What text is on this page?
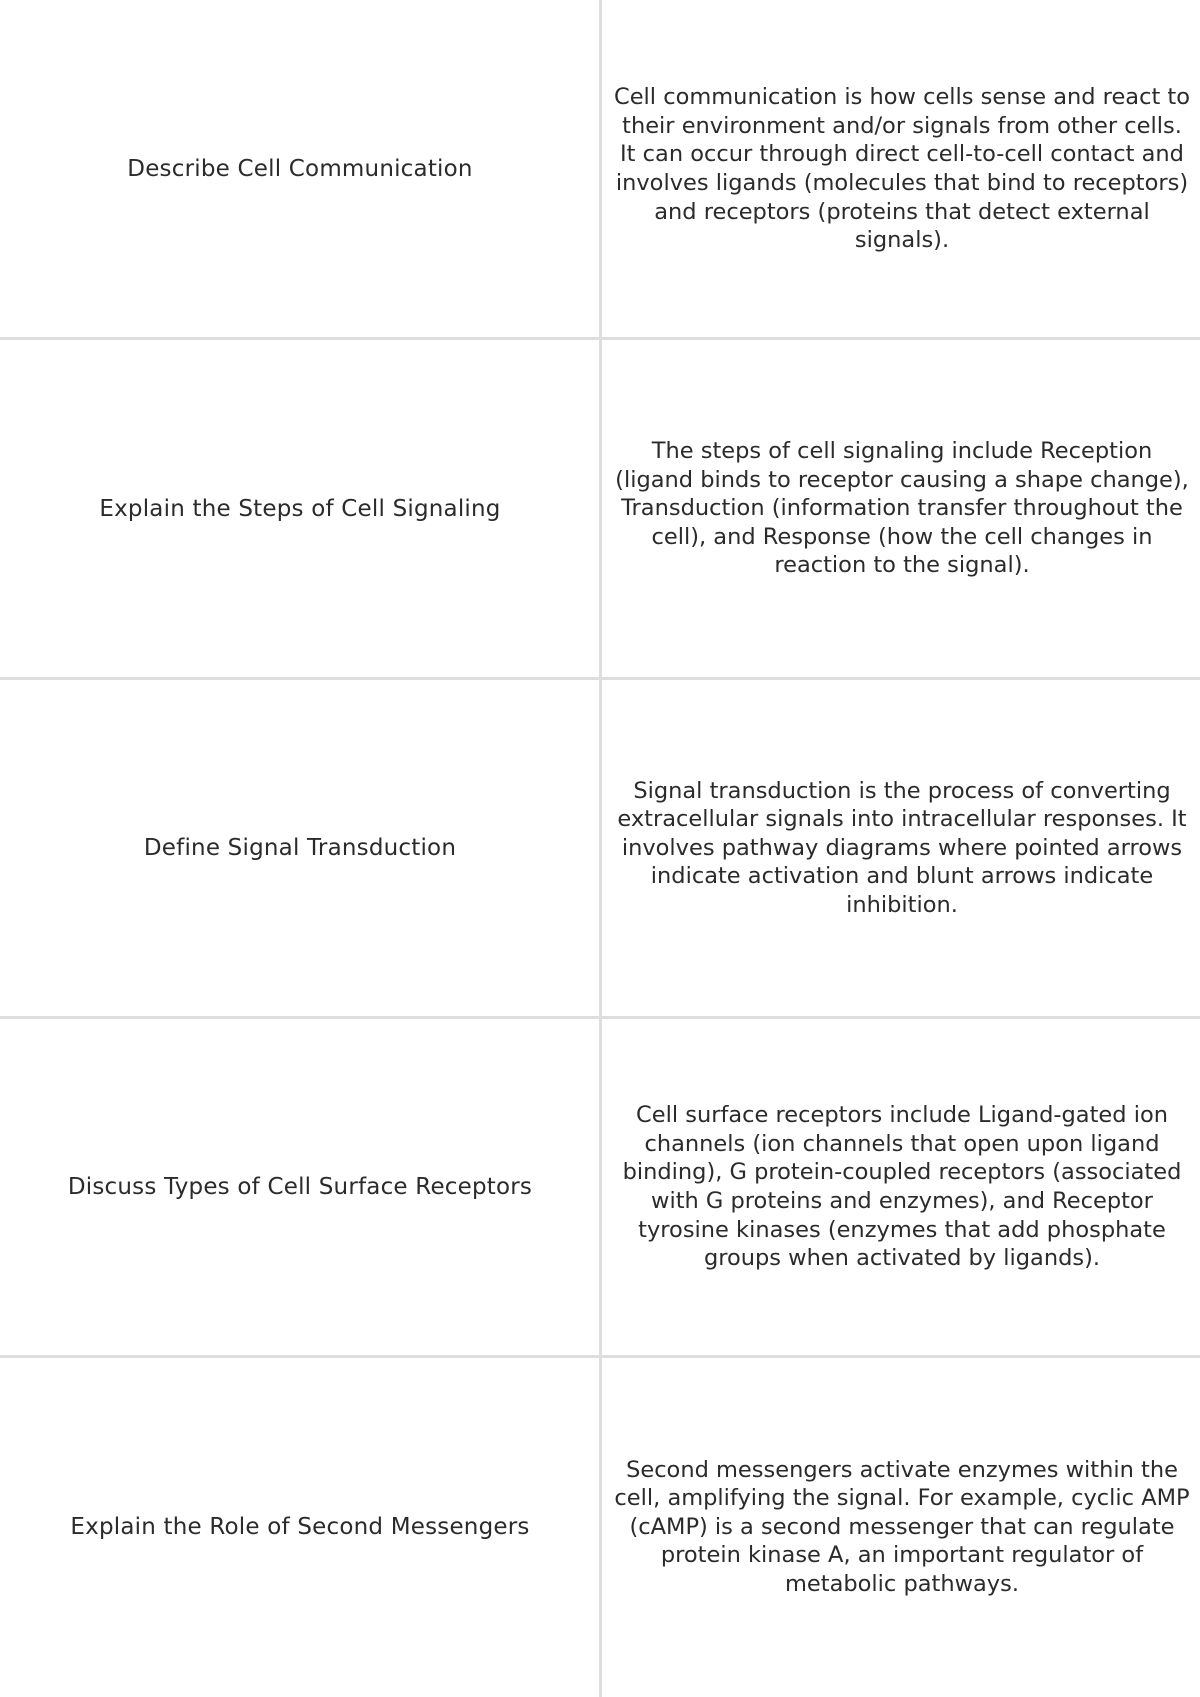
Describe Cell Communication
Cell communication is how cells sense and react to their environment and/or signals from other cells. It can occur through direct cell-to-cell contact and involves ligands (molecules that bind to receptors) and receptors (proteins that detect external signals).
Explain the Steps of Cell Signaling
The steps of cell signaling include Reception (ligand binds to receptor causing a shape change), Transduction (information transfer throughout the cell), and Response (how the cell changes in reaction to the signal).
Define Signal Transduction
Signal transduction is the process of converting extracellular signals into intracellular responses. It involves pathway diagrams where pointed arrows indicate activation and blunt arrows indicate inhibition.
Discuss Types of Cell Surface Receptors
Cell surface receptors include Ligand-gated ion channels (ion channels that open upon ligand binding), G protein-coupled receptors (associated with G proteins and enzymes), and Receptor tyrosine kinases (enzymes that add phosphate groups when activated by ligands).
Explain the Role of Second Messengers
Second messengers activate enzymes within the cell, amplifying the signal. For example, cyclic AMP (cAMP) is a second messenger that can regulate protein kinase A, an important regulator of metabolic pathways.
